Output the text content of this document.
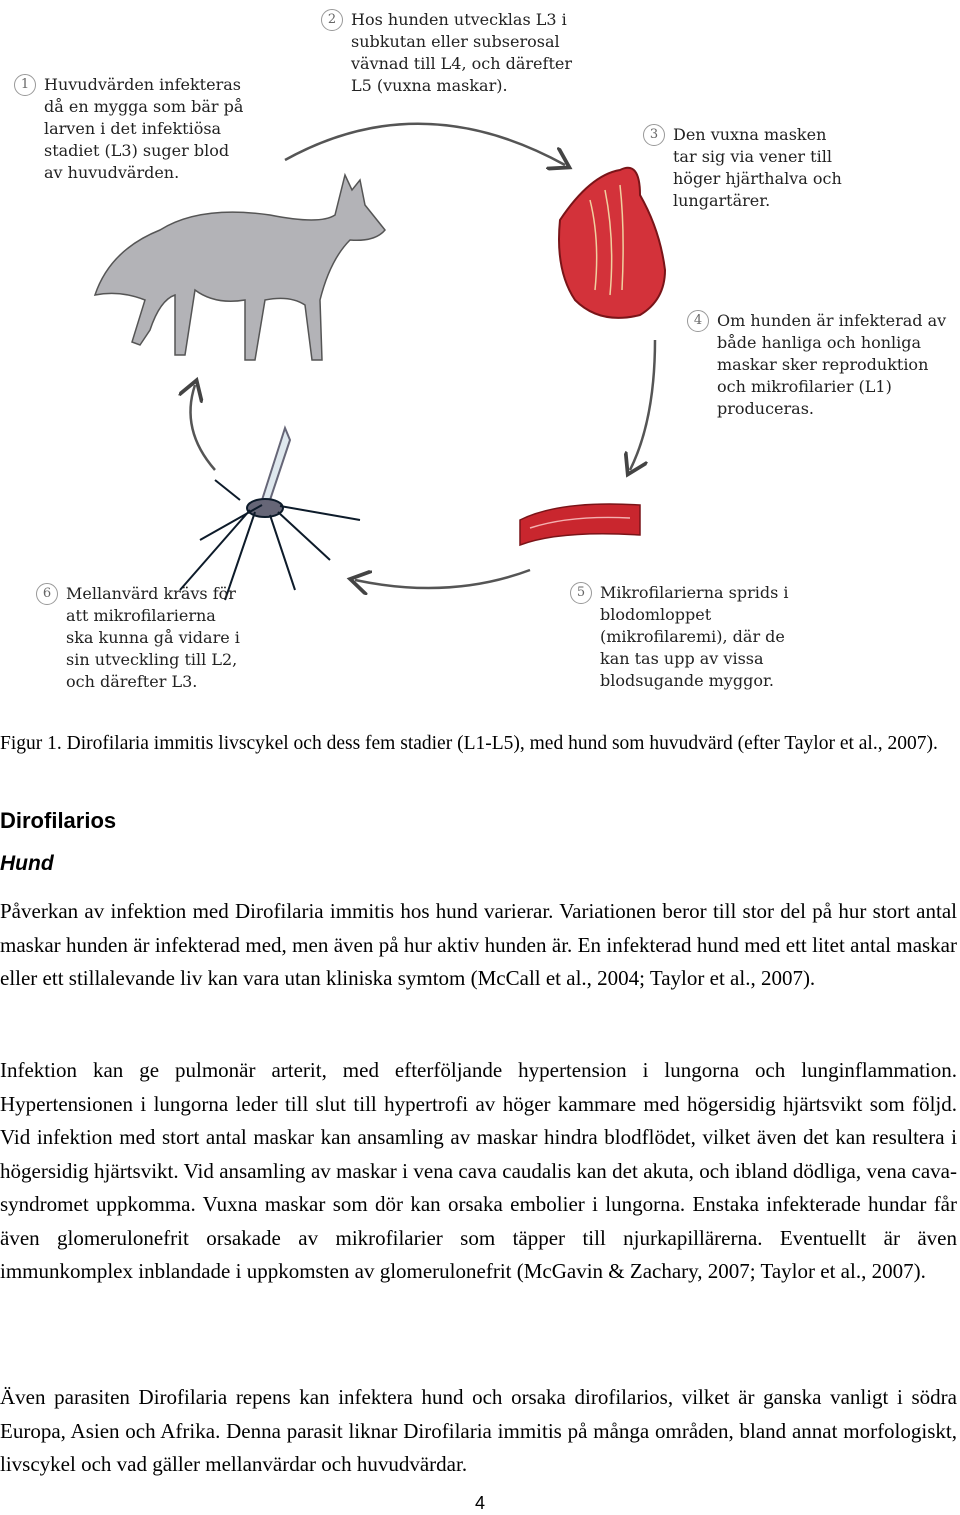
1 Huvudvärden infekteras
då en mygga som bär på
larven i det infektiösa
stadiet (L3) suger blod
av huvudvärden.
2 Hos hunden utvecklas L3 i
subkutan eller subserosal
vävnad till L4, och därefter
L5 (vuxna maskar).
3 Den vuxna masken
tar sig via vener till
höger hjärthalva och
lungartärer.
4 Om hunden är infekterad av
både hanliga och honliga
maskar sker reproduktion
och mikrofilarier (L1)
produceras.
5 Mikrofilarierna sprids i
blodomloppet
(mikrofilaremi), där de
kan tas upp av vissa
blodsugande myggor.
6 Mellanvärd krävs för
att mikrofilarierna
ska kunna gå vidare i
sin utveckling till L2,
och därefter L3.
Figur 1. Dirofilaria immitis livscykel och dess fem stadier (L1-L5), med hund som huvudvärd (efter Taylor et al., 2007).
Dirofilarios
Hund
Påverkan av infektion med Dirofilaria immitis hos hund varierar. Variationen beror till stor del på hur stort antal maskar hunden är infekterad med, men även på hur aktiv hunden är. En infekterad hund med ett litet antal maskar eller ett stillalevande liv kan vara utan kliniska symtom (McCall et al., 2004; Taylor et al., 2007).
Infektion kan ge pulmonär arterit, med efterföljande hypertension i lungorna och lunginflammation. Hypertensionen i lungorna leder till slut till hypertrofi av höger kammare med högersidig hjärtsvikt som följd. Vid infektion med stort antal maskar kan ansamling av maskar hindra blodflödet, vilket även det kan resultera i högersidig hjärtsvikt. Vid ansamling av maskar i vena cava caudalis kan det akuta, och ibland dödliga, vena cava-syndromet uppkomma. Vuxna maskar som dör kan orsaka embolier i lungorna. Enstaka infekterade hundar får även glomerulonefrit orsakade av mikrofilarier som täpper till njurkapillärerna. Eventuellt är även immunkomplex inblandade i uppkomsten av glomerulonefrit (McGavin & Zachary, 2007; Taylor et al., 2007).
Även parasiten Dirofilaria repens kan infektera hund och orsaka dirofilarios, vilket är ganska vanligt i södra Europa, Asien och Afrika. Denna parasit liknar Dirofilaria immitis på många områden, bland annat morfologiskt, livscykel och vad gäller mellanvärdar och huvudvärdar.
4
